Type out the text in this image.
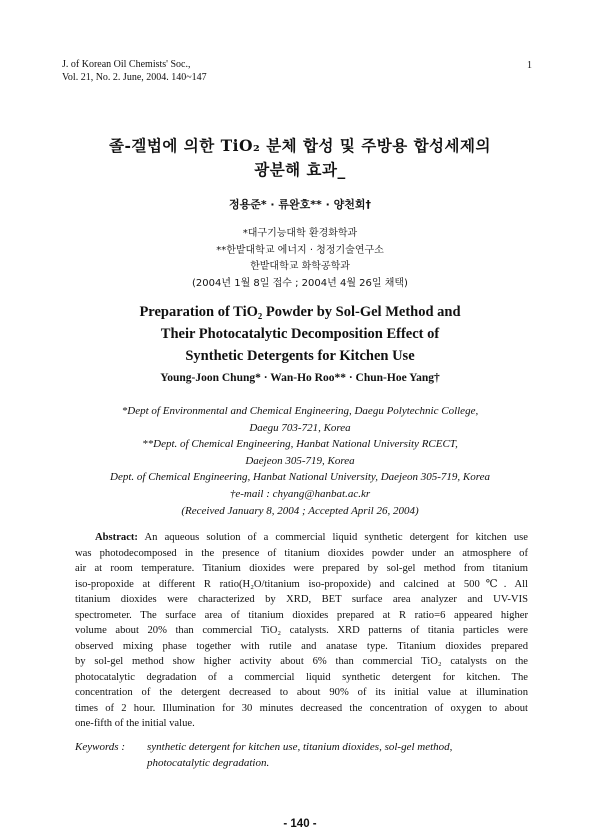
J. of Korean Oil Chemists' Soc.,
Vol. 21, No. 2. June, 2004. 140~147
1
졸-겔법에 의한 TiO₂ 분체 합성 및 주방용 합성세제의
광분해 효과_
정용준* · 류완호** · 양천회†
*대구기능대학 환경화학과
**한밭대학교 에너지 · 청정기술연구소
한밭대학교 화학공학과
(2004년 1월 8일 접수 ; 2004년 4월 26일 채택)
Preparation of TiO₂ Powder by Sol-Gel Method and
Their Photocatalytic Decomposition Effect of
Synthetic Detergents for Kitchen Use
Young-Joon Chung* · Wan-Ho Roo** · Chun-Hoe Yang†
*Dept of Environmental and Chemical Engineering, Daegu Polytechnic College,
Daegu 703-721, Korea
**Dept. of Chemical Engineering, Hanbat National University RCECT,
Daejeon 305-719, Korea
Dept. of Chemical Engineering, Hanbat National University, Daejeon 305-719, Korea
†e-mail : chyang@hanbat.ac.kr
(Received January 8, 2004 ; Accepted April 26, 2004)
Abstract: An aqueous solution of a commercial liquid synthetic detergent for kitchen use
was photodecomposed in the presence of titanium dioxides powder under an atmosphere of
air at room temperature. Titanium dioxides were prepared by sol-gel method from titanium
iso-propoxide at different R ratio(H₂O/titanium iso-propoxide) and calcined at 500℃. All
titanium dioxides were characterized by XRD, BET surface area analyzer and UV-VIS
spectrometer. The surface area of titanium dioxides prepared at R ratio=6 appeared higher
volume about 20% than commercial TiO₂ catalysts. XRD patterns of titania particles were
observed mixing phase together with rutile and anatase type. Titanium dioxides prepared
by sol-gel method show higher activity about 6% than commercial TiO₂ catalysts on the
photocatalytic degradation of a commercial liquid synthetic detergent for kitchen. The
concentration of the detergent decreased to about 90% of its initial value at illumination
times of 2 hour. Illumination for 30 minutes decreased the concentration of oxygen to about
one-fifth of the initial value.
Keywords : synthetic detergent for kitchen use, titanium dioxides, sol-gel method,
photocatalytic degradation.
- 140 -
